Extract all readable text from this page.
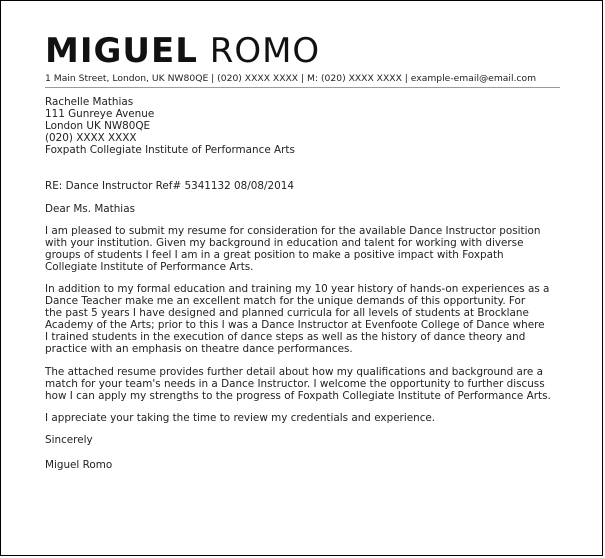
MIGUEL ROMO
1 Main Street, London, UK NW80QE | (020) XXXX XXXX | M: (020) XXXX XXXX | example-email@email.com
Rachelle Mathias
111 Gunreye Avenue
London UK NW80QE
(020) XXXX XXXX
Foxpath Collegiate Institute of Performance Arts
RE: Dance Instructor Ref# 5341132 08/08/2014
Dear Ms. Mathias
I am pleased to submit my resume for consideration for the available Dance Instructor position
with your institution. Given my background in education and talent for working with diverse
groups of students I feel I am in a great position to make a positive impact with Foxpath
Collegiate Institute of Performance Arts.
In addition to my formal education and training my 10 year history of hands-on experiences as a
Dance Teacher make me an excellent match for the unique demands of this opportunity. For
the past 5 years I have designed and planned curricula for all levels of students at Brocklane
Academy of the Arts; prior to this I was a Dance Instructor at Evenfoote College of Dance where
I trained students in the execution of dance steps as well as the history of dance theory and
practice with an emphasis on theatre dance performances.
The attached resume provides further detail about how my qualifications and background are a
match for your team's needs in a Dance Instructor. I welcome the opportunity to further discuss
how I can apply my strengths to the progress of Foxpath Collegiate Institute of Performance Arts.
I appreciate your taking the time to review my credentials and experience.
Sincerely
Miguel Romo
